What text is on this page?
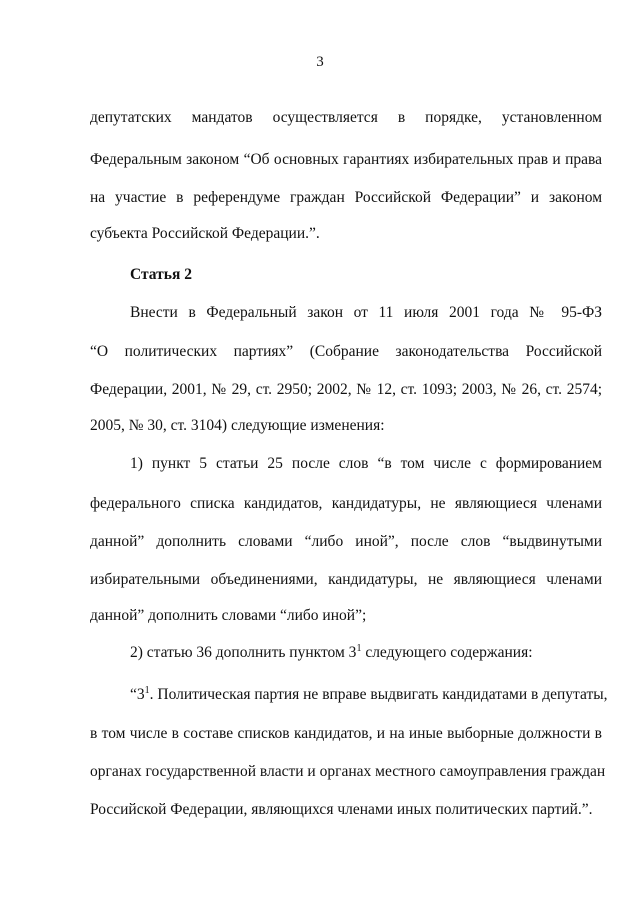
3
депутатских мандатов осуществляется в порядке, установленном
Федеральным законом “Об основных гарантиях избирательных прав и права
на участие в референдуме граждан Российской Федерации” и законом
субъекта Российской Федерации.”.
Статья 2
Внести в Федеральный закон от 11 июля 2001 года № 95-ФЗ
“О политических партиях” (Собрание законодательства Российской
Федерации, 2001, № 29, ст. 2950; 2002, № 12, ст. 1093; 2003, № 26, ст. 2574;
2005, № 30, ст. 3104) следующие изменения:
1) пункт 5 статьи 25 после слов “в том числе с формированием
федерального списка кандидатов, кандидатуры, не являющиеся членами
данной” дополнить словами “либо иной”, после слов “выдвинутыми
избирательными объединениями, кандидатуры, не являющиеся членами
данной” дополнить словами “либо иной”;
2) статью 36 дополнить пунктом $3^1$ следующего содержания:
“$3^1$. Политическая партия не вправе выдвигать кандидатами в депутаты,
в том числе в составе списков кандидатов, и на иные выборные должности в
органах государственной власти и органах местного самоуправления граждан
Российской Федерации, являющихся членами иных политических партий.”.
